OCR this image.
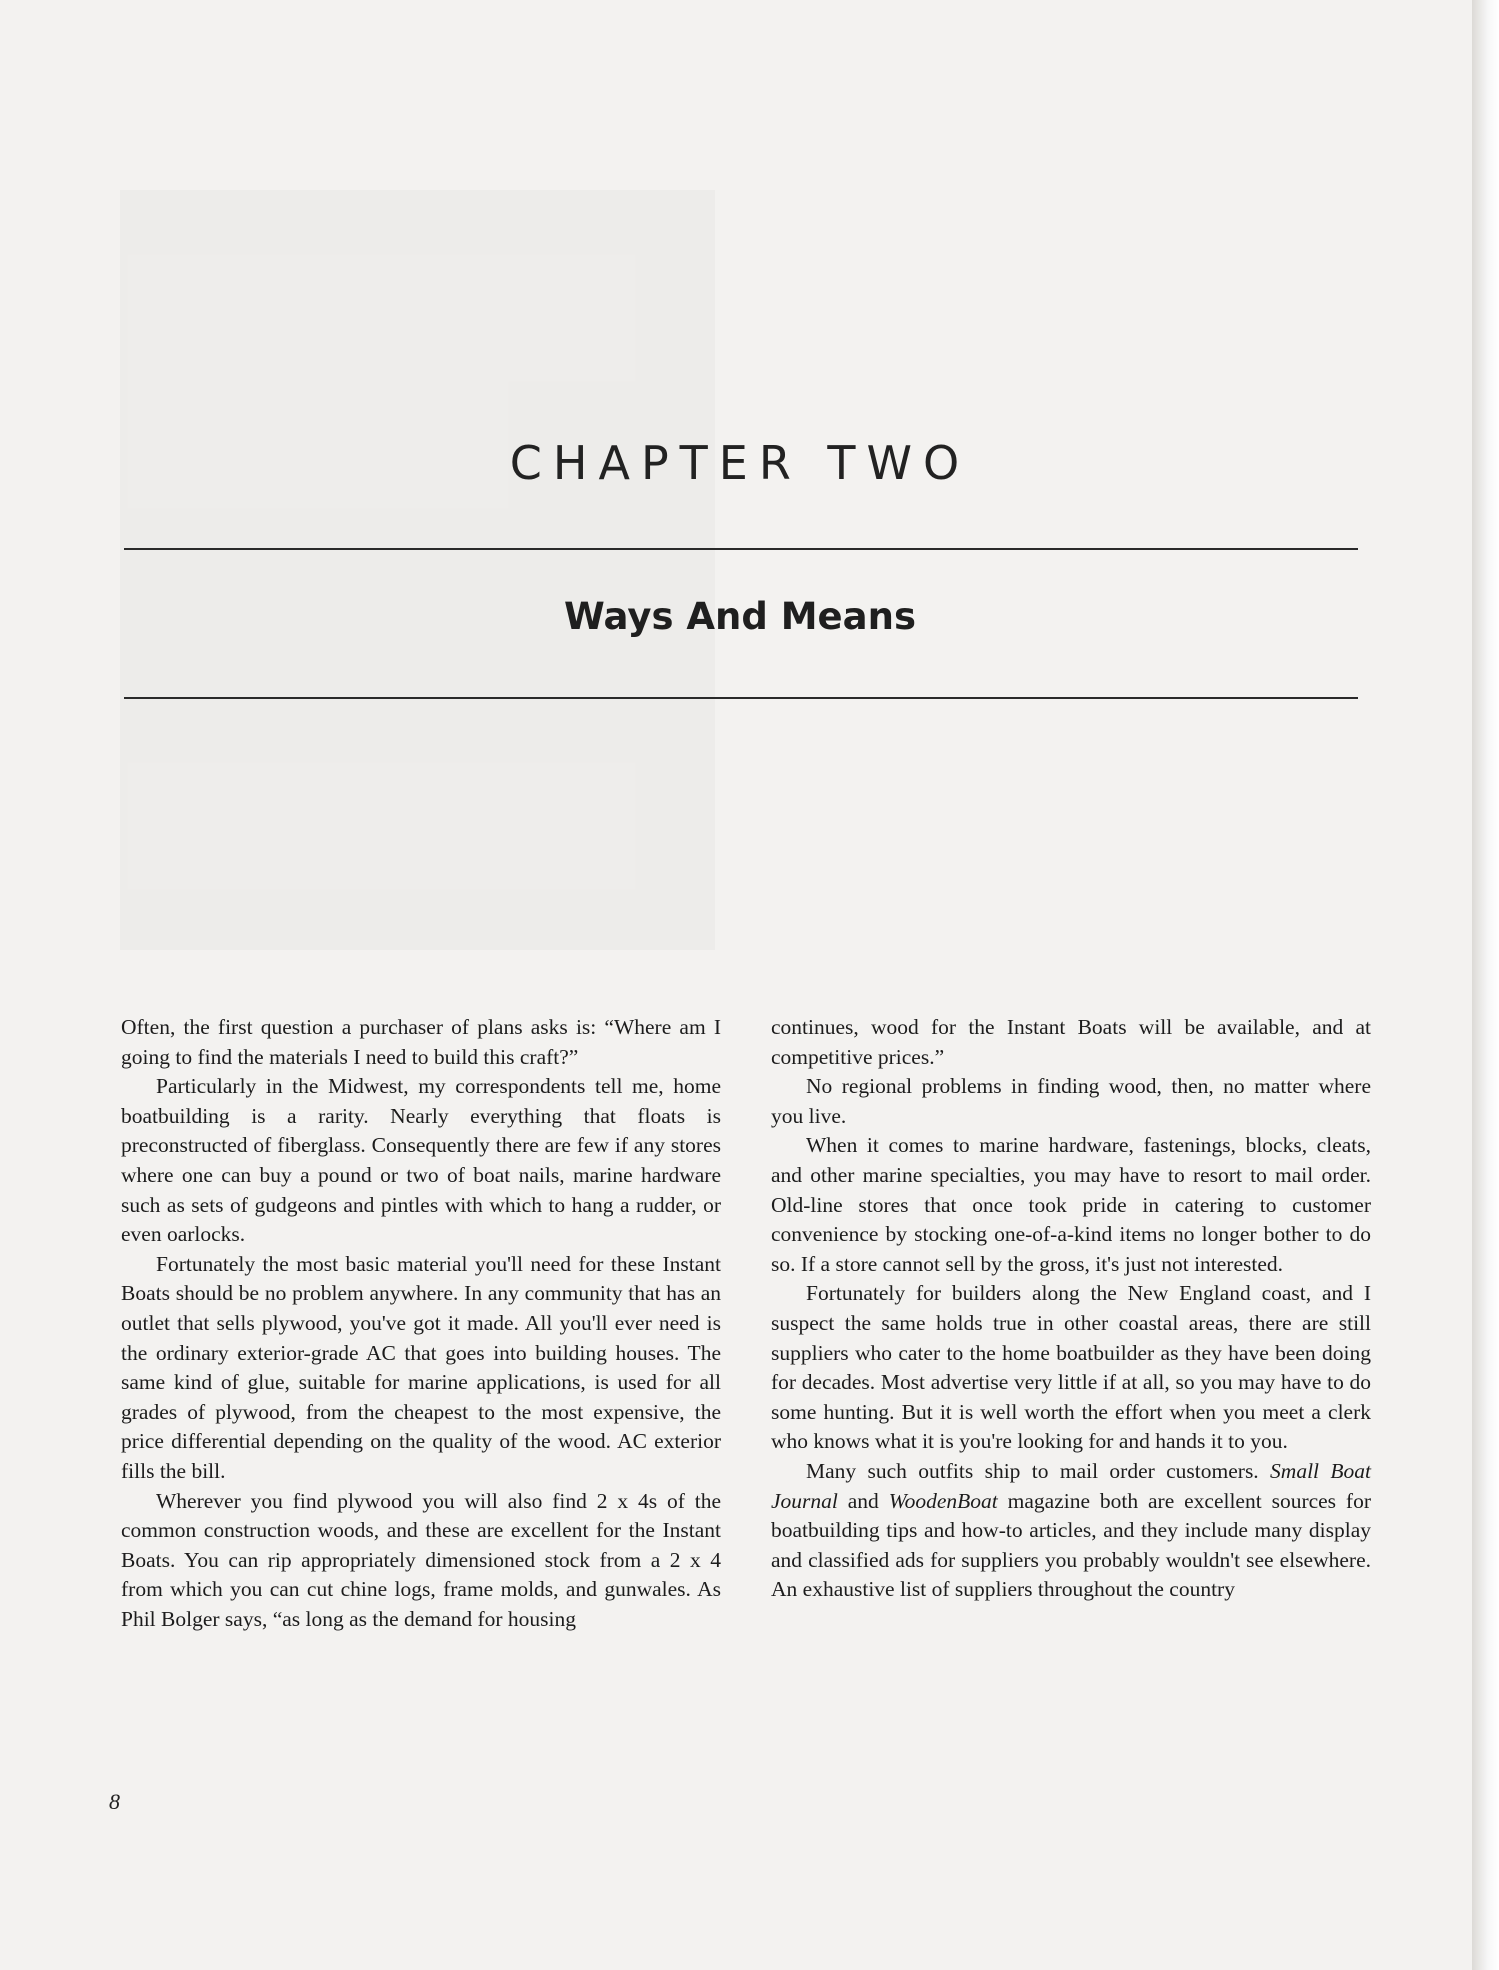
CHAPTER TWO
Ways And Means

Often, the first question a purchaser of plans asks is: “Where am I going to find the materials I need to build this craft?”

Particularly in the Midwest, my correspondents tell me, home boatbuilding is a rarity. Nearly everything that floats is preconstructed of fiberglass. Consequently there are few if any stores where one can buy a pound or two of boat nails, marine hardware such as sets of gudgeons and pintles with which to hang a rudder, or even oarlocks.

Fortunately the most basic material you'll need for these Instant Boats should be no problem anywhere. In any community that has an outlet that sells plywood, you've got it made. All you'll ever need is the ordinary exterior-grade AC that goes into building houses. The same kind of glue, suitable for marine applications, is used for all grades of plywood, from the cheapest to the most expensive, the price differential depending on the quality of the wood. AC exterior fills the bill.

Wherever you find plywood you will also find 2 x 4s of the common construction woods, and these are excellent for the Instant Boats. You can rip appropriately dimensioned stock from a 2 x 4 from which you can cut chine logs, frame molds, and gunwales. As Phil Bolger says, “as long as the demand for housing

continues, wood for the Instant Boats will be available, and at competitive prices.”

No regional problems in finding wood, then, no matter where you live.

When it comes to marine hardware, fastenings, blocks, cleats, and other marine specialties, you may have to resort to mail order. Old-line stores that once took pride in catering to customer convenience by stocking one-of-a-kind items no longer bother to do so. If a store cannot sell by the gross, it's just not interested.

Fortunately for builders along the New England coast, and I suspect the same holds true in other coastal areas, there are still suppliers who cater to the home boatbuilder as they have been doing for decades. Most advertise very little if at all, so you may have to do some hunting. But it is well worth the effort when you meet a clerk who knows what it is you're looking for and hands it to you.

Many such outfits ship to mail order customers. Small Boat Journal and WoodenBoat magazine both are excellent sources for boatbuilding tips and how-to articles, and they include many display and classified ads for suppliers you probably wouldn't see elsewhere. An exhaustive list of suppliers throughout the country

8
